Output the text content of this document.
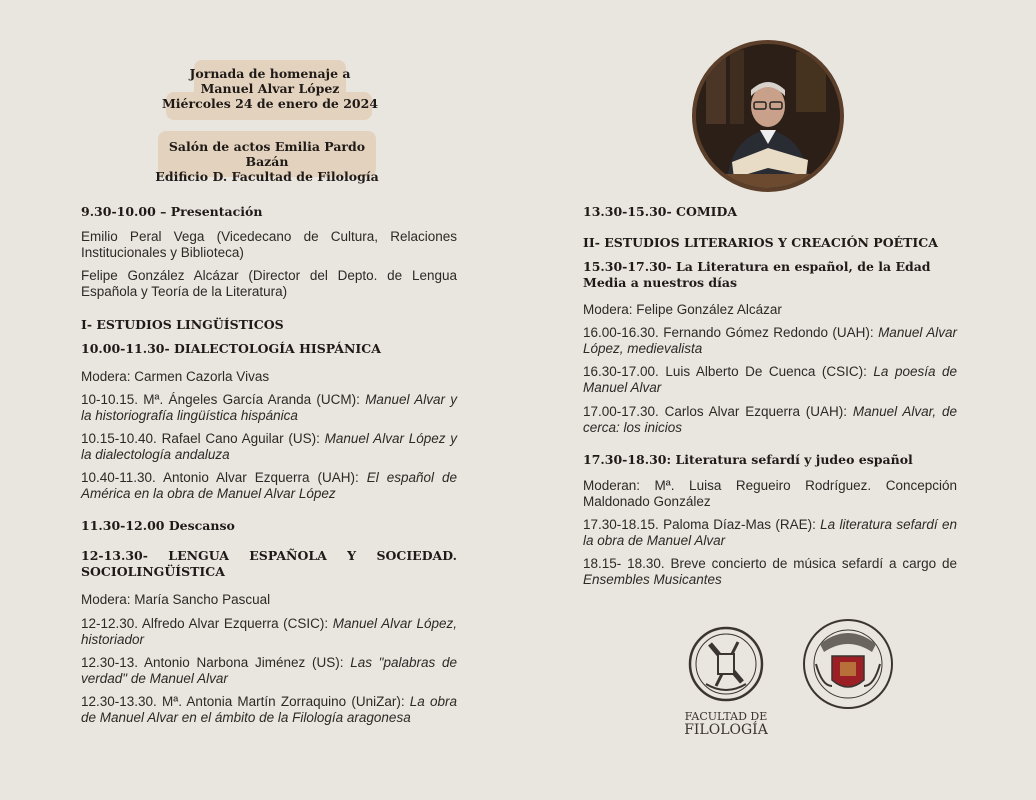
Jornada de homenaje a
Manuel Alvar López
Miércoles 24 de enero de 2024
Salón de actos Emilia Pardo Bazán
Edificio D. Facultad de Filología
9.30-10.00 – Presentación
Emilio Peral Vega (Vicedecano de Cultura, Relaciones Institucionales y Biblioteca)
Felipe González Alcázar (Director del Depto. de Lengua Española y Teoría de la Literatura)
I- ESTUDIOS LINGÜÍSTICOS
10.00-11.30- DIALECTOLOGÍA HISPÁNICA
Modera: Carmen Cazorla Vivas
10-10.15. Mª. Ángeles García Aranda (UCM): Manuel Alvar y la historiografía lingüística hispánica
10.15-10.40. Rafael Cano Aguilar (US): Manuel Alvar López y la dialectología andaluza
10.40-11.30. Antonio Alvar Ezquerra (UAH): El español de América en la obra de Manuel Alvar López
11.30-12.00 Descanso
12-13.30- LENGUA ESPAÑOLA Y SOCIEDAD. SOCIOLINGÜÍSTICA
Modera: María Sancho Pascual
12-12.30. Alfredo Alvar Ezquerra (CSIC): Manuel Alvar López, historiador
12.30-13. Antonio Narbona Jiménez (US): Las "palabras de verdad" de Manuel Alvar
12.30-13.30. Mª. Antonia Martín Zorraquino (UniZar): La obra de Manuel Alvar en el ámbito de la Filología aragonesa
13.30-15.30- COMIDA
II- ESTUDIOS LITERARIOS Y CREACIÓN POÉTICA
15.30-17.30- La Literatura en español, de la Edad Media a nuestros días
Modera: Felipe González Alcázar
16.00-16.30. Fernando Gómez Redondo (UAH): Manuel Alvar López, medievalista
16.30-17.00. Luis Alberto De Cuenca (CSIC): La poesía de Manuel Alvar
17.00-17.30. Carlos Alvar Ezquerra (UAH): Manuel Alvar, de cerca: los inicios
17.30-18.30: Literatura sefardí y judeo español
Moderan: Mª. Luisa Regueiro Rodríguez. Concepción Maldonado González
17.30-18.15. Paloma Díaz-Mas (RAE): La literatura sefardí en la obra de Manuel Alvar
18.15- 18.30. Breve concierto de música sefardí a cargo de Ensembles Musicantes
FACULTAD DE
FILOLOGÍA
